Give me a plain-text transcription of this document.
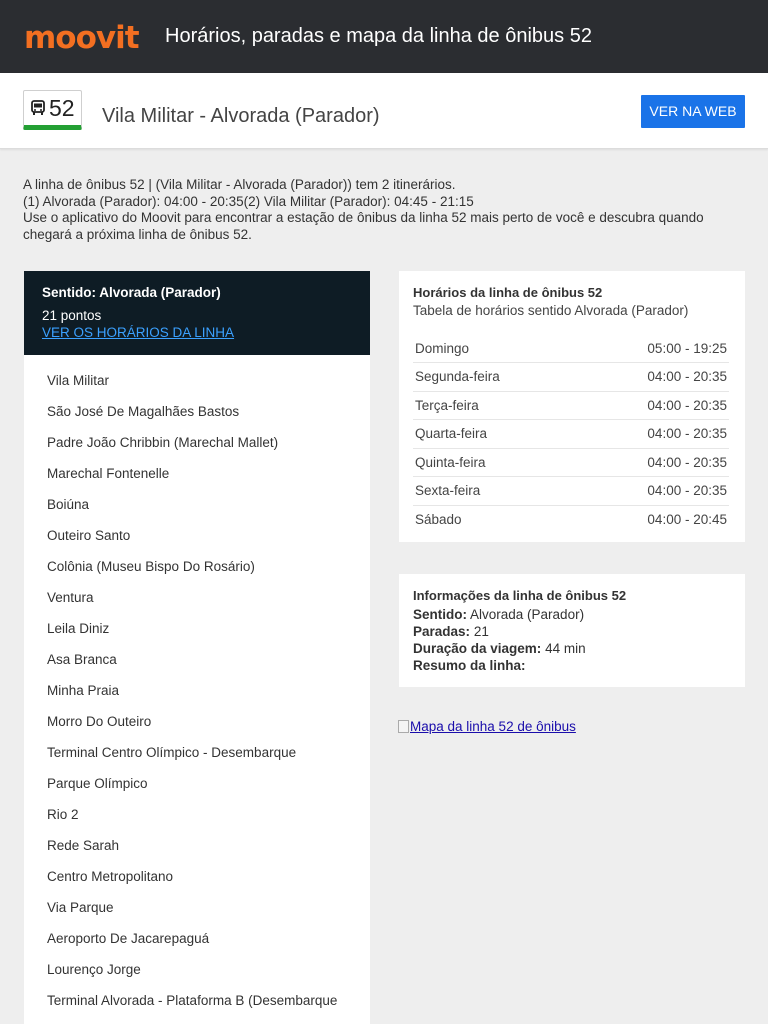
moovit Horários, paradas e mapa da linha de ônibus 52
52 Vila Militar - Alvorada (Parador)	VER NA WEB

A linha de ônibus 52 | (Vila Militar - Alvorada (Parador)) tem 2 itinerários.

(1) Alvorada (Parador): 04:00 - 20:35(2) Vila Militar (Parador): 04:45 - 21:15

Use o aplicativo do Moovit para encontrar a estação de ônibus da linha 52 mais perto de você e descubra quando chegará a próxima linha de ônibus 52.

Sentido: Alvorada (Parador)
21 pontos
VER OS HORÁRIOS DA LINHA
Vila Militar
São José De Magalhães Bastos
Padre João Chribbin (Marechal Mallet)
Marechal Fontenelle
Boiúna
Outeiro Santo
Colônia (Museu Bispo Do Rosário)
Ventura
Leila Diniz
Asa Branca
Minha Praia
Morro Do Outeiro
Terminal Centro Olímpico - Desembarque
Parque Olímpico
Rio 2
Rede Sarah
Centro Metropolitano
Via Parque
Aeroporto De Jacarepaguá
Lourenço Jorge
Terminal Alvorada - Plataforma B (Desembarque
Horários da linha de ônibus 52
Tabela de horários sentido Alvorada (Parador)
Domingo	05:00 - 19:25
Segunda-feira	04:00 - 20:35
Terça-feira	04:00 - 20:35
Quarta-feira	04:00 - 20:35
Quinta-feira	04:00 - 20:35
Sexta-feira	04:00 - 20:35
Sábado	04:00 - 20:45
Informações da linha de ônibus 52
Sentido: Alvorada (Parador)
Paradas: 21
Duração da viagem: 44 min
Resumo da linha:
Mapa da linha 52 de ônibus
